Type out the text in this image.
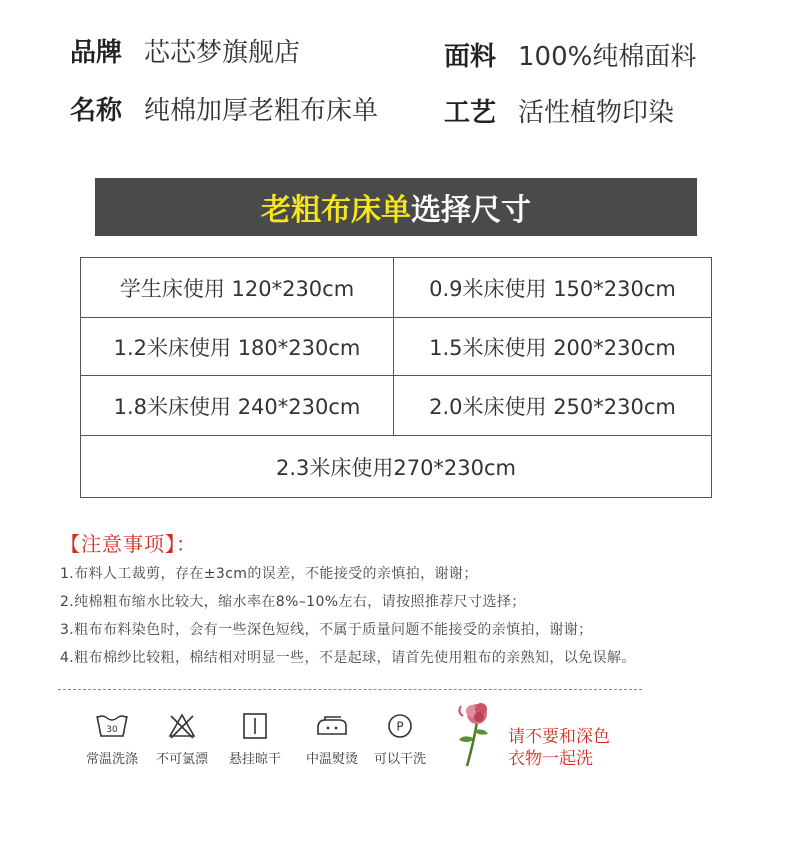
品牌 芯芯梦旗舰店	面料 100%纯棉面料
名称 纯棉加厚老粗布床单	工艺 活性植物印染
老粗布床单 选择尺寸
学生床使用 120*230cm	0.9米床使用 150*230cm
1.2米床使用 180*230cm	1.5米床使用 200*230cm
1.8米床使用 240*230cm	2.0米床使用 250*230cm
2.3米床使用270*230cm
【注意事项】：
1.布料人工裁剪，存在±3cm的误差，不能接受的亲慎拍，谢谢；
2.纯棉粗布缩水比较大，缩水率在8%–10%左右，请按照推荐尺寸选择；
3.粗布布料染色时，会有一些深色短线，不属于质量问题不能接受的亲慎拍，谢谢；
4.粗布棉纱比较粗，棉结相对明显一些，不是起球，请首先使用粗布的亲熟知，以免误解。
30
常温洗涤	不可氯漂	悬挂晾干	中温熨烫
P
可以干洗
请不要和深色
衣物一起洗
